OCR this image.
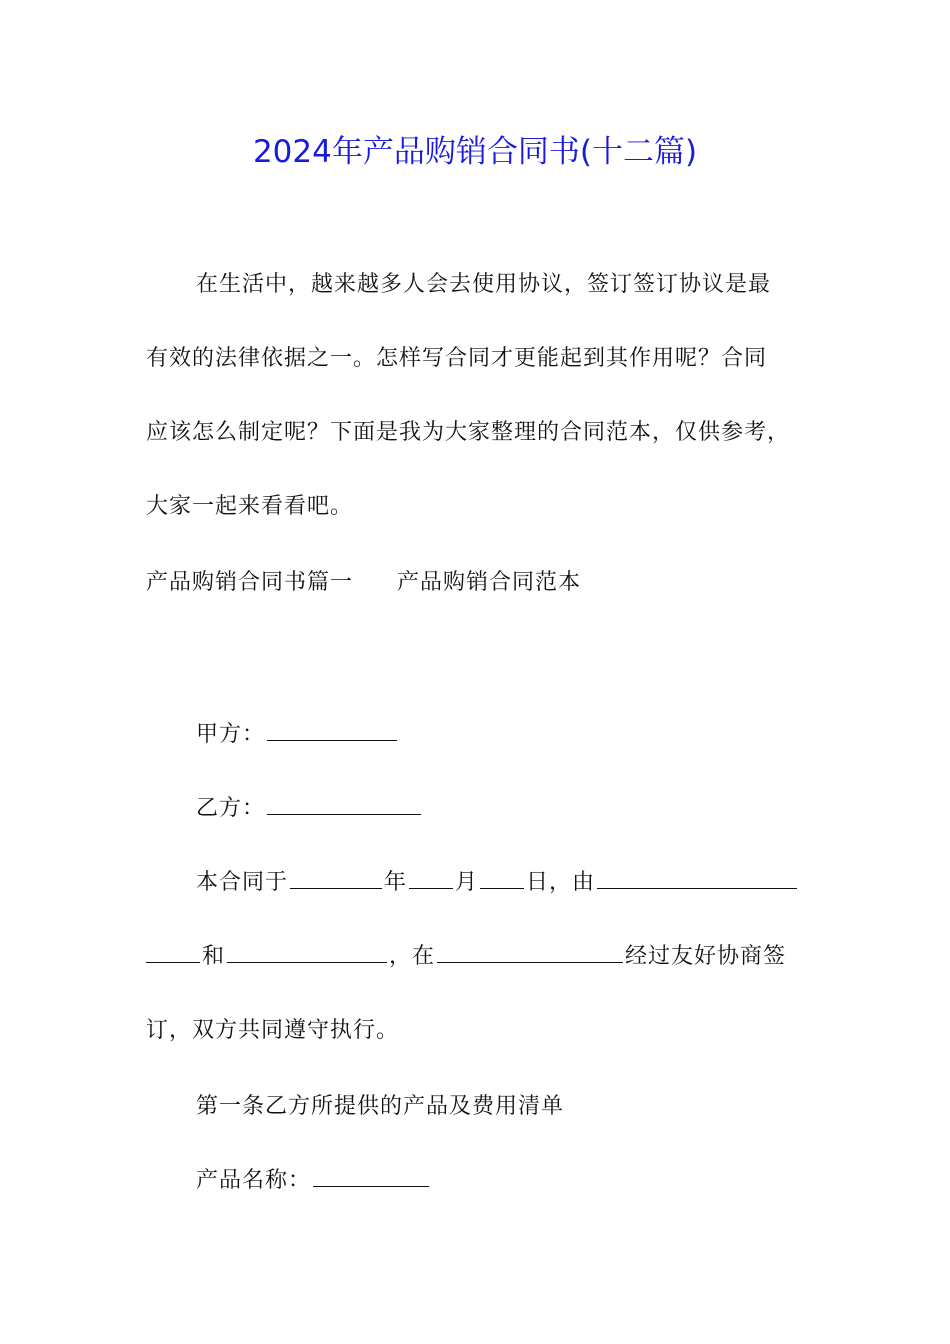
2024年产品购销合同书(十二篇)
在生活中，越来越多人会去使用协议，签订签订协议是最
有效的法律依据之一。怎样写合同才更能起到其作用呢？合同
应该怎么制定呢？下面是我为大家整理的合同范本，仅供参考，
大家一起来看看吧。
产品购销合同书篇一 产品购销合同范本
甲方：
乙方：
本合同于	年 月 日，由
和	，在	经过友好协商签
订，双方共同遵守执行。
第一条乙方所提供的产品及费用清单
产品名称：
